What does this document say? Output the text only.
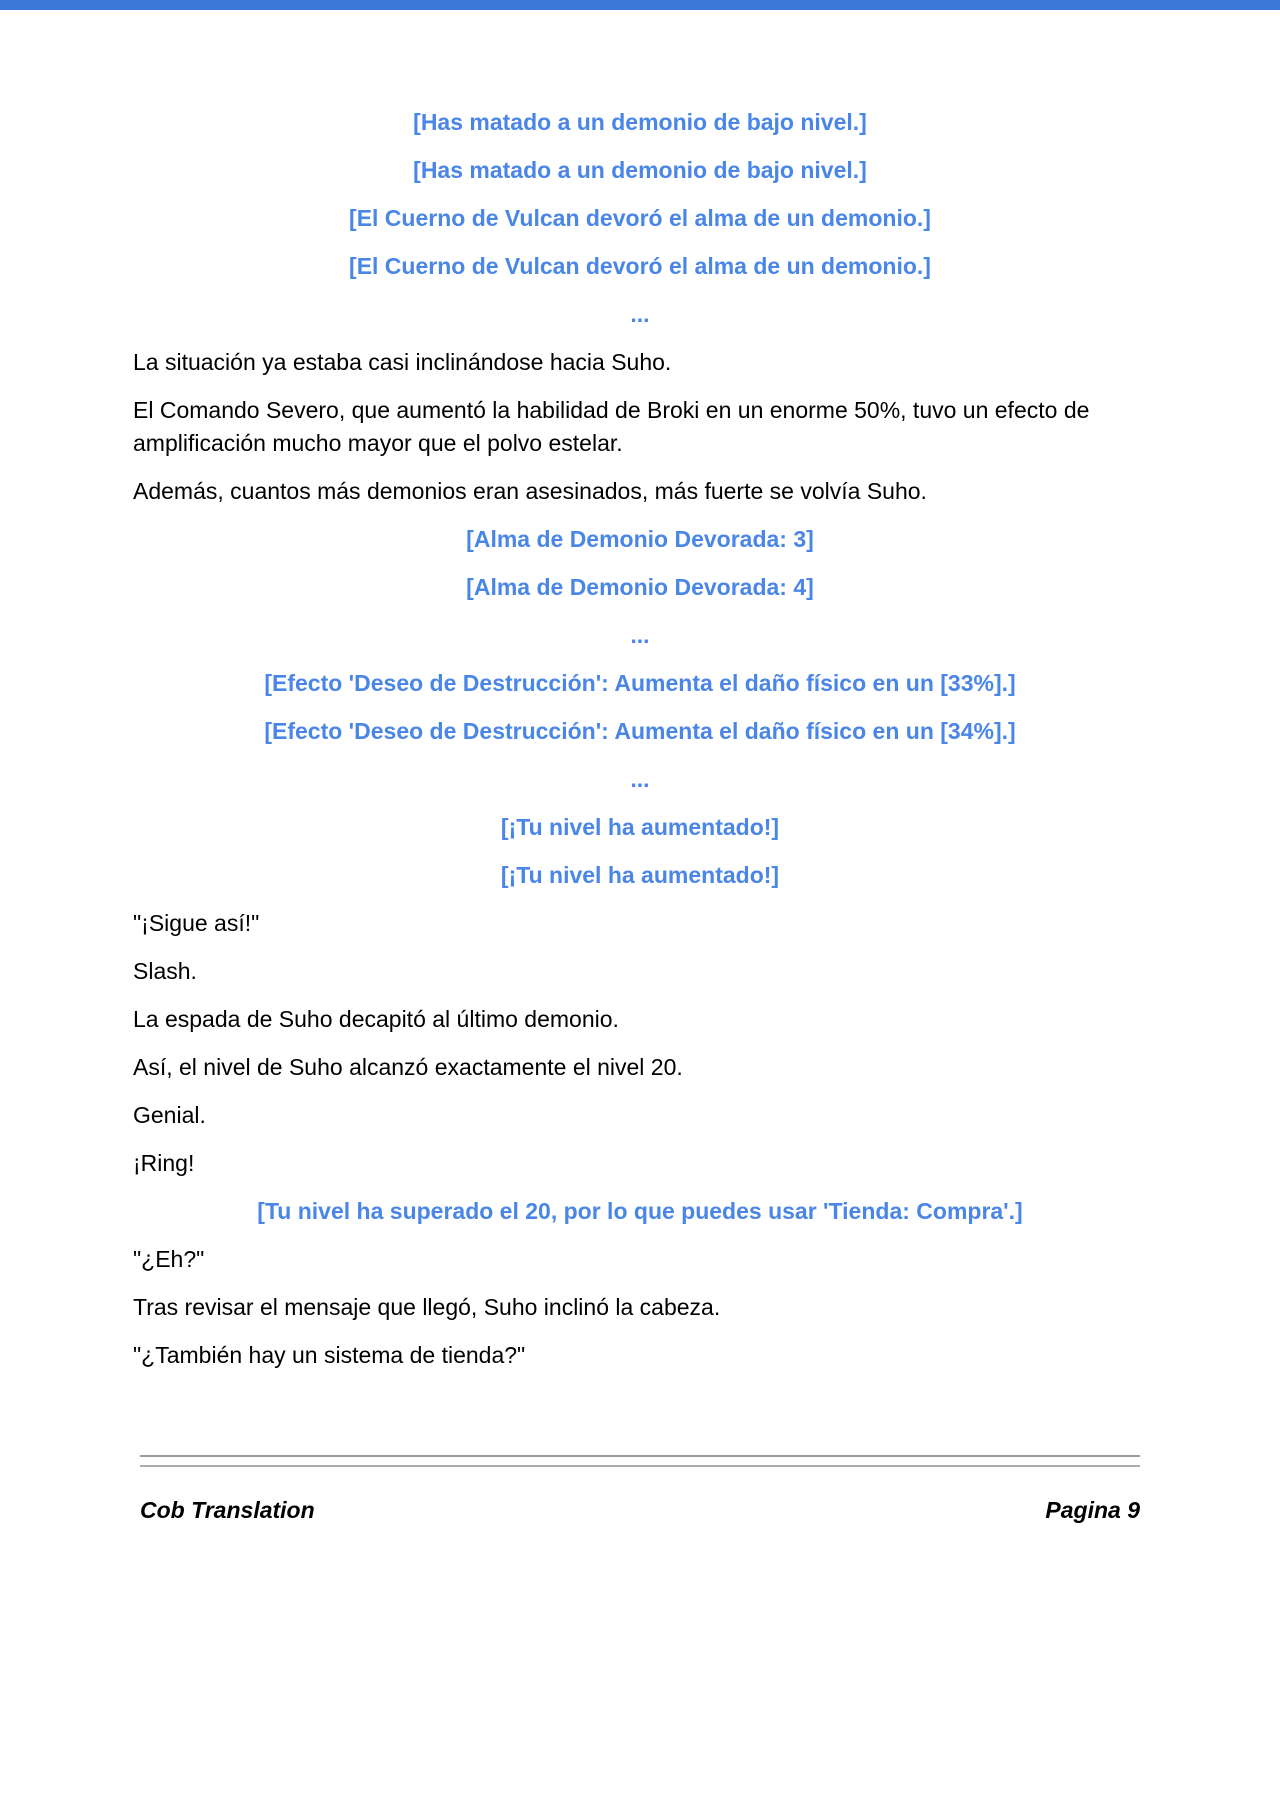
[Has matado a un demonio de bajo nivel.]

[Has matado a un demonio de bajo nivel.]

[El Cuerno de Vulcan devoró el alma de un demonio.]

[El Cuerno de Vulcan devoró el alma de un demonio.]

...

La situación ya estaba casi inclinándose hacia Suho.

El Comando Severo, que aumentó la habilidad de Broki en un enorme 50%, tuvo un efecto de amplificación mucho mayor que el polvo estelar.

Además, cuantos más demonios eran asesinados, más fuerte se volvía Suho.

[Alma de Demonio Devorada: 3]

[Alma de Demonio Devorada: 4]

...

[Efecto 'Deseo de Destrucción': Aumenta el daño físico en un [33%].]

[Efecto 'Deseo de Destrucción': Aumenta el daño físico en un [34%].]

...

[¡Tu nivel ha aumentado!]

[¡Tu nivel ha aumentado!]

"¡Sigue así!"

Slash.

La espada de Suho decapitó al último demonio.

Así, el nivel de Suho alcanzó exactamente el nivel 20.

Genial.

¡Ring!

[Tu nivel ha superado el 20, por lo que puedes usar 'Tienda: Compra'.]

"¿Eh?"

Tras revisar el mensaje que llegó, Suho inclinó la cabeza.

"¿También hay un sistema de tienda?"

Cob Translation	Pagina 9
